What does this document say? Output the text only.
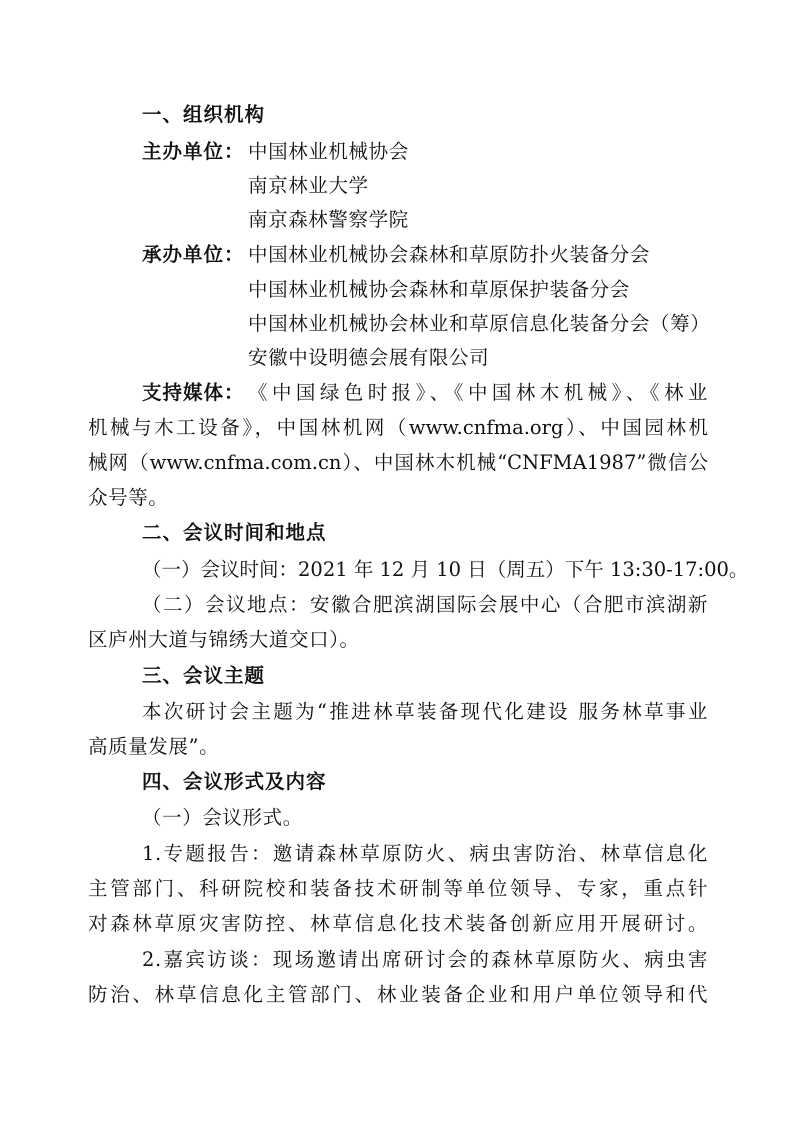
一、组织机构
主办单位： 中国林业机械协会
南京林业大学
南京森林警察学院
承办单位： 中国林业机械协会森林和草原防扑火装备分会
中国林业机械协会森林和草原保护装备分会
中国林业机械协会林业和草原信息化装备分会（筹）
安徽中设明德会展有限公司
支持媒体： 《中国绿色时报》、《中国林木机械》、《林业
机械与木工设备》，中国林机网（www.cnfma.org）、中国园林机
械网（www.cnfma.com.cn）、中国林木机械“CNFMA1987”微信公
众号等。
二、会议时间和地点
（一）会议时间：2021 年 12 月 10 日（周五）下午 13:30-17:00。
（二）会议地点：安徽合肥滨湖国际会展中心（合肥市滨湖新
区庐州大道与锦绣大道交口）。
三、会议主题
本次研讨会主题为“推进林草装备现代化建设 服务林草事业
高质量发展”。
四、会议形式及内容
（一）会议形式。
1.专题报告：邀请森林草原防火、病虫害防治、林草信息化
主管部门、科研院校和装备技术研制等单位领导、专家，重点针
对森林草原灾害防控、林草信息化技术装备创新应用开展研讨。
2.嘉宾访谈：现场邀请出席研讨会的森林草原防火、病虫害
防治、林草信息化主管部门、林业装备企业和用户单位领导和代
